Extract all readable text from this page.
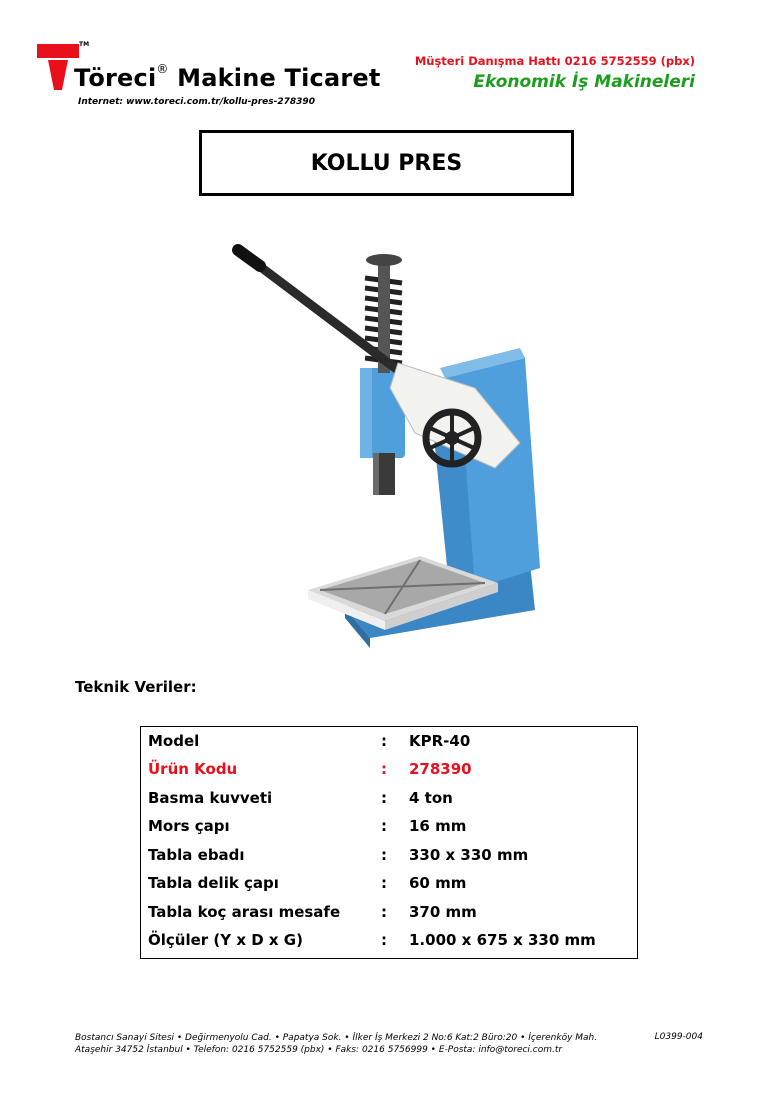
TM
Töreci® Makine Ticaret
Internet: www.toreci.com.tr/kollu-pres-278390
Müşteri Danışma Hattı 0216 5752559 (pbx)
Ekonomik İş Makineleri
KOLLU PRES
Teknik Veriler:
Model	: KPR-40
Ürün Kodu	: 278390
Basma kuvveti	: 4 ton
Mors çapı	: 16 mm
Tabla ebadı	: 330 x 330 mm
Tabla delik çapı	: 60 mm
Tabla koç arası mesafe	: 370 mm
Ölçüler (Y x D x G)	: 1.000 x 675 x 330 mm
Bostancı Sanayi Sitesi • Değirmenyolu Cad. • Papatya Sok. • İlker İş Merkezi 2 No:6 Kat:2 Büro:20 • İçerenköy Mah.
Ataşehir 34752 İstanbul • Telefon: 0216 5752559 (pbx) • Faks: 0216 5756999 • E-Posta: info@toreci.com.tr
L0399-004
